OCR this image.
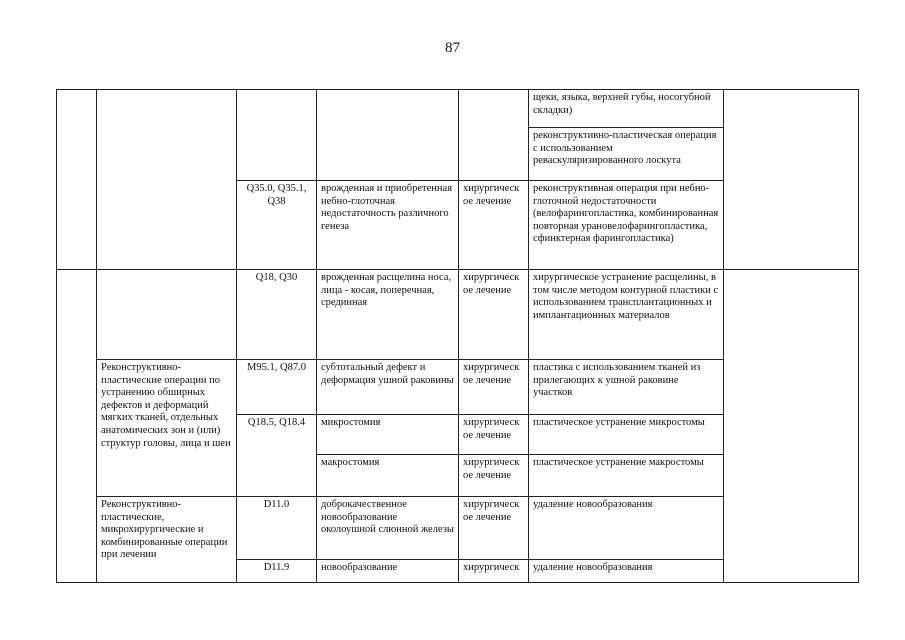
87
					щеки, языка, верхней губы, носогубной складки)	
					реконструктивно-пластическая операция с использованием реваскуляризированного лоскута	
		Q35.0, Q35.1, Q38	врожденная и приобретенная небно-глоточная недостаточность различного генеза	хирургическ ое лечение	реконструктивная операция при небно-глоточной недостаточности (велофарингопластика, комбинированная повторная урановелофарингопластика, сфинктерная фарингопластика)	
		Q18, Q30	врожденная расщелина носа, лица - косая, поперечная, срединная	хирургическ ое лечение	хирургическое устранение расщелины, в том числе методом контурной пластики с использованием трансплантационных и имплантационных материалов	
	Реконструктивно-пластические операции по устранению обширных дефектов и деформаций мягких тканей, отдельных анатомических зон и (или) структур головы, лица и шеи	M95.1, Q87.0	субтотальный дефект и деформация ушной раковины	хирургическ ое лечение	пластика с использованием тканей из прилегающих к ушной раковине участков	
		Q18.5, Q18.4	микростомия	хирургическ ое лечение	пластическое устранение микростомы	
			макростомия	хирургическ ое лечение	пластическое устранение макростомы	
	Реконструктивно-пластические, микрохирургические и комбинированные операции при лечении	D11.0	доброкачественное новообразование околоушной слюнной железы	хирургическ ое лечение	удаление новообразования	
		D11.9	новообразование	хирургическ	удаление новообразования	
